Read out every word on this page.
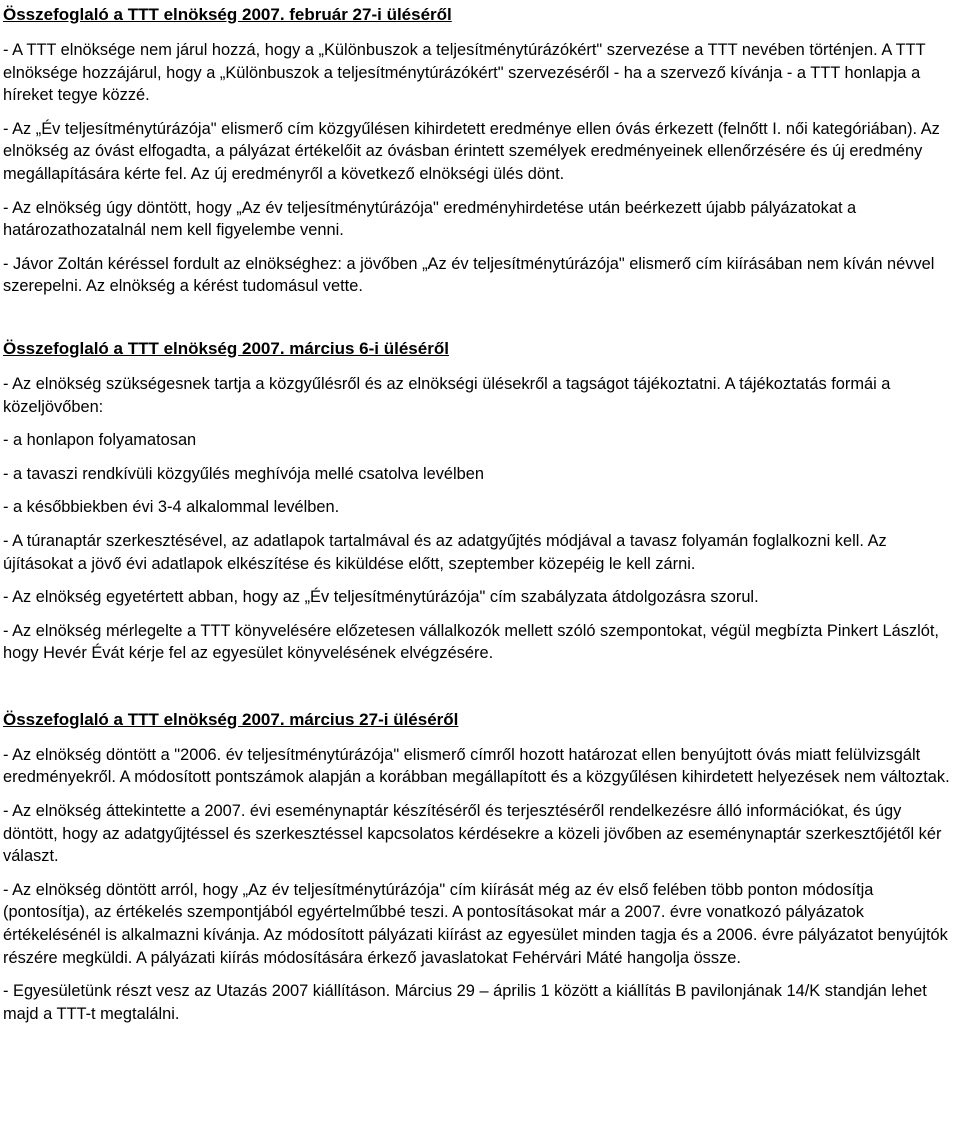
Összefoglaló a TTT elnökség 2007. február 27-i üléséről

- A TTT elnöksége nem járul hozzá, hogy a „Különbuszok a teljesítménytúrázókért" szervezése a TTT nevében történjen. A TTT elnöksége hozzájárul, hogy a „Különbuszok a teljesítménytúrázókért" szervezéséről - ha a szervező kívánja - a TTT honlapja a híreket tegye közzé.

- Az „Év teljesítménytúrázója" elismerő cím közgyűlésen kihirdetett eredménye ellen óvás érkezett (felnőtt I. női kategóriában). Az elnökség az óvást elfogadta, a pályázat értékelőit az óvásban érintett személyek eredményeinek ellenőrzésére és új eredmény megállapítására kérte fel. Az új eredményről a következő elnökségi ülés dönt.

- Az elnökség úgy döntött, hogy „Az év teljesítménytúrázója" eredményhirdetése után beérkezett újabb pályázatokat a határozathozatalnál nem kell figyelembe venni.

- Jávor Zoltán kéréssel fordult az elnökséghez: a jövőben „Az év teljesítménytúrázója" elismerő cím kiírásában nem kíván névvel szerepelni. Az elnökség a kérést tudomásul vette.

Összefoglaló a TTT elnökség 2007. március 6-i üléséről

- Az elnökség szükségesnek tartja a közgyűlésről és az elnökségi ülésekről a tagságot tájékoztatni. A tájékoztatás formái a közeljövőben:

- a honlapon folyamatosan

- a tavaszi rendkívüli közgyűlés meghívója mellé csatolva levélben

- a későbbiekben évi 3-4 alkalommal levélben.

- A túranaptár szerkesztésével, az adatlapok tartalmával és az adatgyűjtés módjával a tavasz folyamán foglalkozni kell. Az újításokat a jövő évi adatlapok elkészítése és kiküldése előtt, szeptember közepéig le kell zárni.

- Az elnökség egyetértett abban, hogy az „Év teljesítménytúrázója" cím szabályzata átdolgozásra szorul.

- Az elnökség mérlegelte a TTT könyvelésére előzetesen vállalkozók mellett szóló szempontokat, végül megbízta Pinkert Lászlót, hogy Hevér Évát kérje fel az egyesület könyvelésének elvégzésére.

Összefoglaló a TTT elnökség 2007. március 27-i üléséről

- Az elnökség döntött a "2006. év teljesítménytúrázója" elismerő címről hozott határozat ellen benyújtott óvás miatt felülvizsgált eredményekről. A módosított pontszámok alapján a korábban megállapított és a közgyűlésen kihirdetett helyezések nem változtak.

- Az elnökség áttekintette a 2007. évi eseménynaptár készítéséről és terjesztéséről rendelkezésre álló információkat, és úgy döntött, hogy az adatgyűjtéssel és szerkesztéssel kapcsolatos kérdésekre a közeli jövőben az eseménynaptár szerkesztőjétől kér választ.

- Az elnökség döntött arról, hogy „Az év teljesítménytúrázója" cím kiírását még az év első felében több ponton módosítja (pontosítja), az értékelés szempontjából egyértelműbbé teszi. A pontosításokat már a 2007. évre vonatkozó pályázatok értékelésénél is alkalmazni kívánja. Az módosított pályázati kiírást az egyesület minden tagja és a 2006. évre pályázatot benyújtók részére megküldi. A pályázati kiírás módosítására érkező javaslatokat Fehérvári Máté hangolja össze.

- Egyesületünk részt vesz az Utazás 2007 kiállításon. Március 29 – április 1 között a kiállítás B pavilonjának 14/K standján lehet majd a TTT-t megtalálni.
